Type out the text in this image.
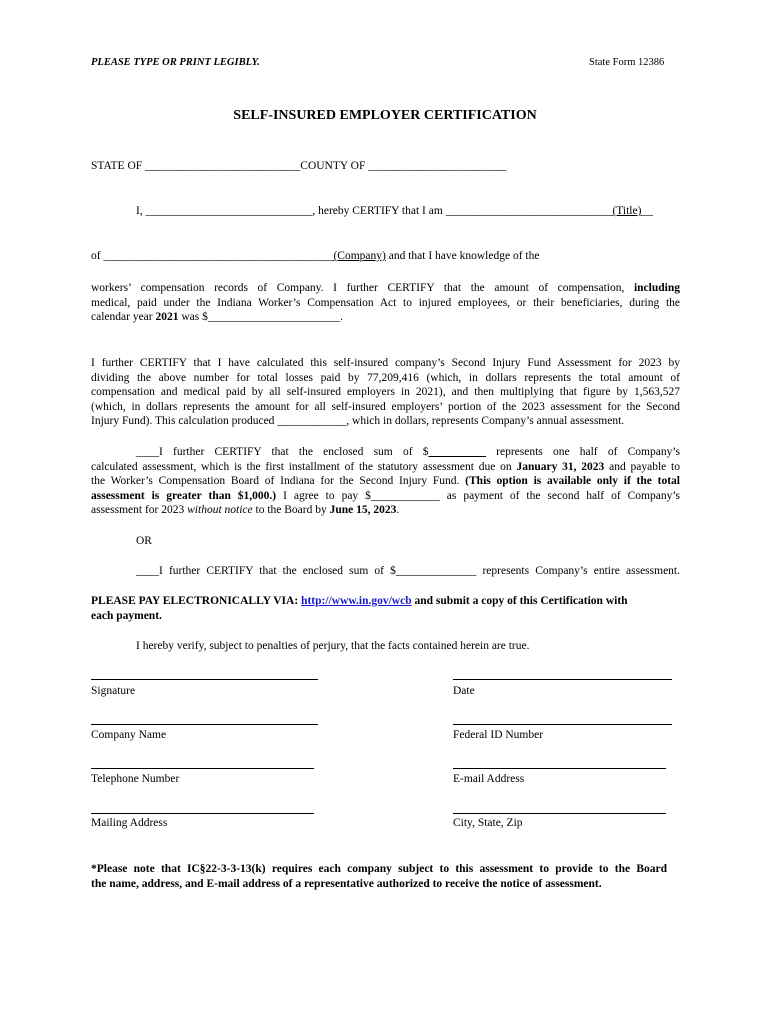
PLEASE TYPE OR PRINT LEGIBLY.	State Form 12386
SELF-INSURED EMPLOYER CERTIFICATION
STATE OF ___________________________COUNTY OF ________________________
I, _____________________________, hereby CERTIFY that I am _____________________________(Title)__
of ________________________________________(Company) and that I have knowledge of the
workers’ compensation records of Company. I further CERTIFY that the amount of compensation, including
medical, paid under the Indiana Worker’s Compensation Act to injured employees, or their beneficiaries, during the
calendar year 2021 was $_______________________.
I further CERTIFY that I have calculated this self-insured company’s Second Injury Fund Assessment for 2023 by
dividing the above number for total losses paid by 77,209,416 (which, in dollars represents the total amount of
compensation and medical paid by all self-insured employers in 2021), and then multiplying that figure by 1,563,527
(which, in dollars represents the amount for all self-insured employers’ portion of the 2023 assessment for the Second
Injury Fund). This calculation produced ____________, which in dollars, represents Company’s annual assessment.
____I further CERTIFY that the enclosed sum of $__________ represents one half of Company’s
calculated assessment, which is the first installment of the statutory assessment due on January 31, 2023 and payable to
the Worker’s Compensation Board of Indiana for the Second Injury Fund. (This option is available only if the total
assessment is greater than $1,000.) I agree to pay $____________ as payment of the second half of Company’s
assessment for 2023 without notice to the Board by June 15, 2023.
OR
____I further CERTIFY that the enclosed sum of $______________ represents Company’s entire assessment.
PLEASE PAY ELECTRONICALLY VIA: http://www.in.gov/wcb and submit a copy of this Certification with
each payment.
I hereby verify, subject to penalties of perjury, that the facts contained herein are true.
Signature	Date
Company Name	Federal ID Number
Telephone Number	E-mail Address
Mailing Address	City, State, Zip
*Please note that IC§22-3-3-13(k) requires each company subject to this assessment to provide to the Board
the name, address, and E-mail address of a representative authorized to receive the notice of assessment.
